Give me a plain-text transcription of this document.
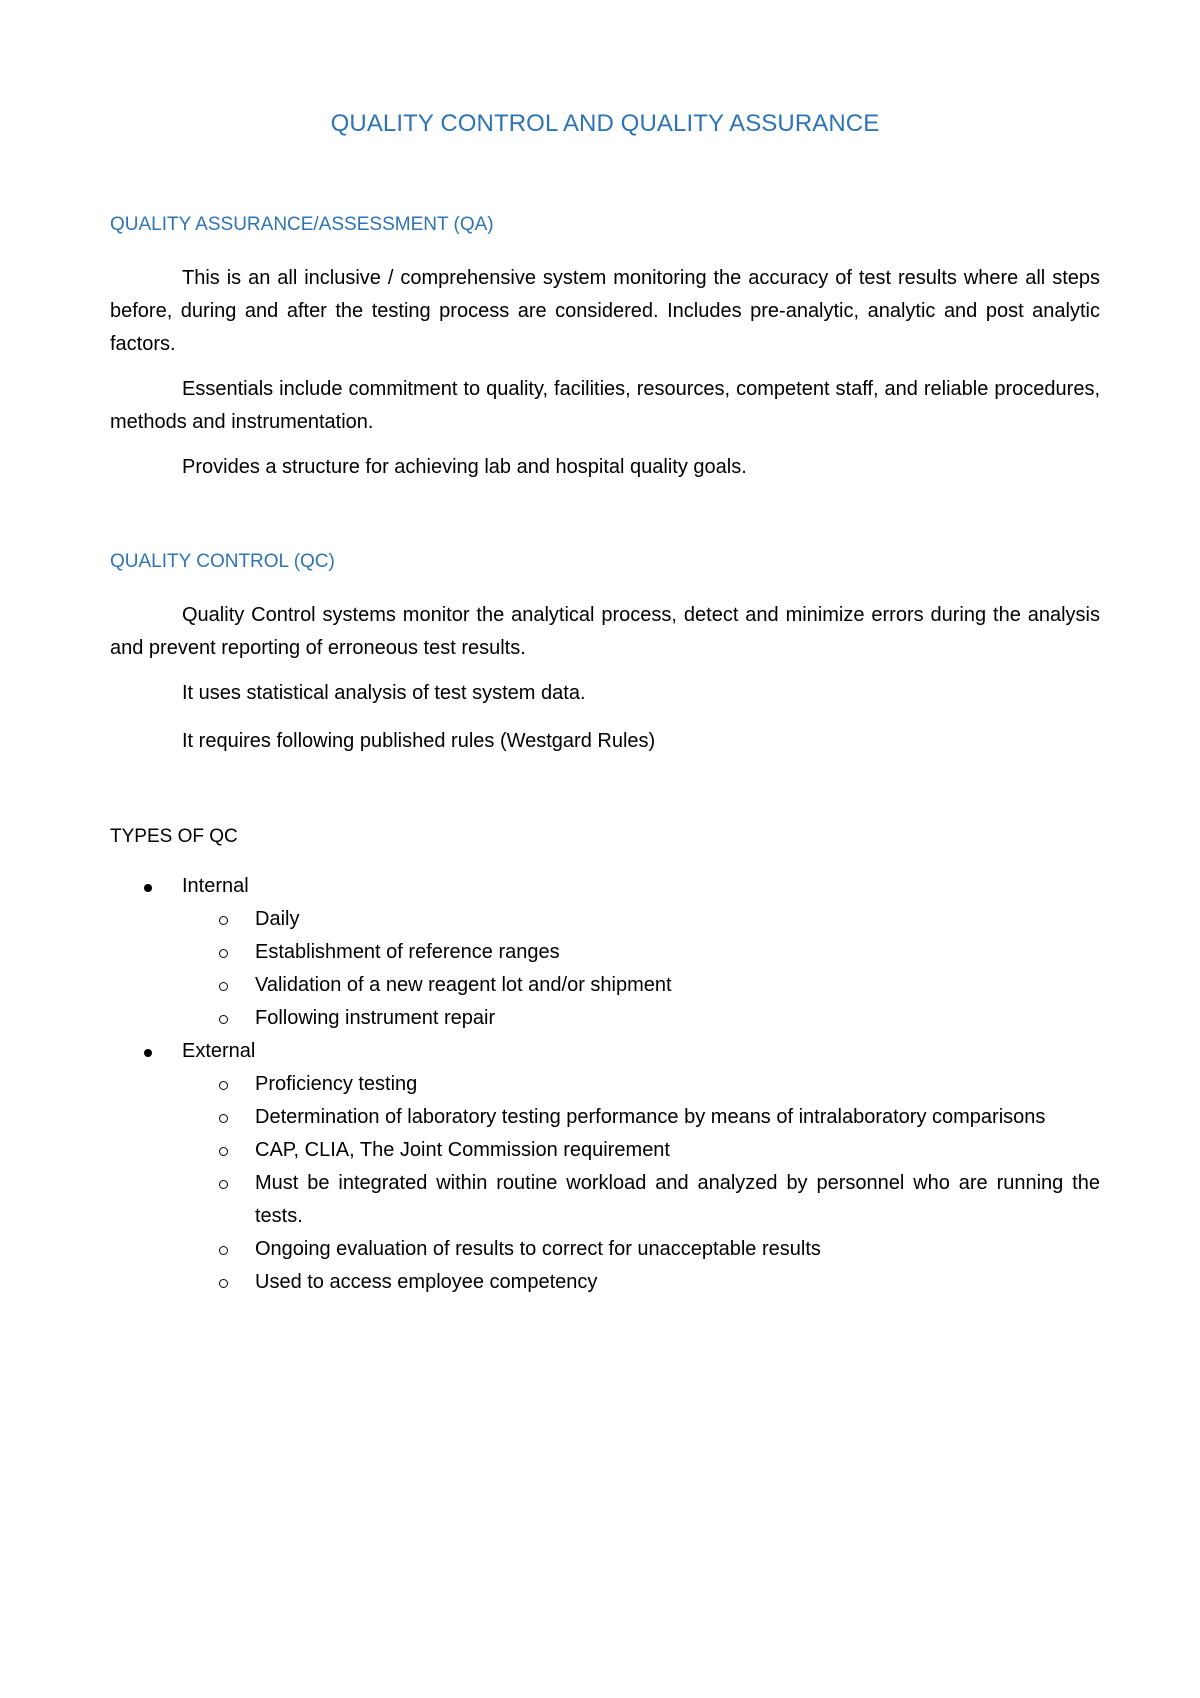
QUALITY CONTROL AND QUALITY ASSURANCE
QUALITY ASSURANCE/ASSESSMENT (QA)

This is an all inclusive / comprehensive system monitoring the accuracy of test results where all steps before, during and after the testing process are considered. Includes pre-analytic, analytic and post analytic factors.

Essentials include commitment to quality, facilities, resources, competent staff, and reliable procedures, methods and instrumentation.

Provides a structure for achieving lab and hospital quality goals.

QUALITY CONTROL (QC)

Quality Control systems monitor the analytical process, detect and minimize errors during the analysis and prevent reporting of erroneous test results.

It uses statistical analysis of test system data.

It requires following published rules (Westgard Rules)

TYPES OF QC
Internal
Daily
Establishment of reference ranges
Validation of a new reagent lot and/or shipment
Following instrument repair
External
Proficiency testing
Determination of laboratory testing performance by means of intralaboratory comparisons
CAP, CLIA, The Joint Commission requirement
Must be integrated within routine workload and analyzed by personnel who are running the tests.
Ongoing evaluation of results to correct for unacceptable results
Used to access employee competency
